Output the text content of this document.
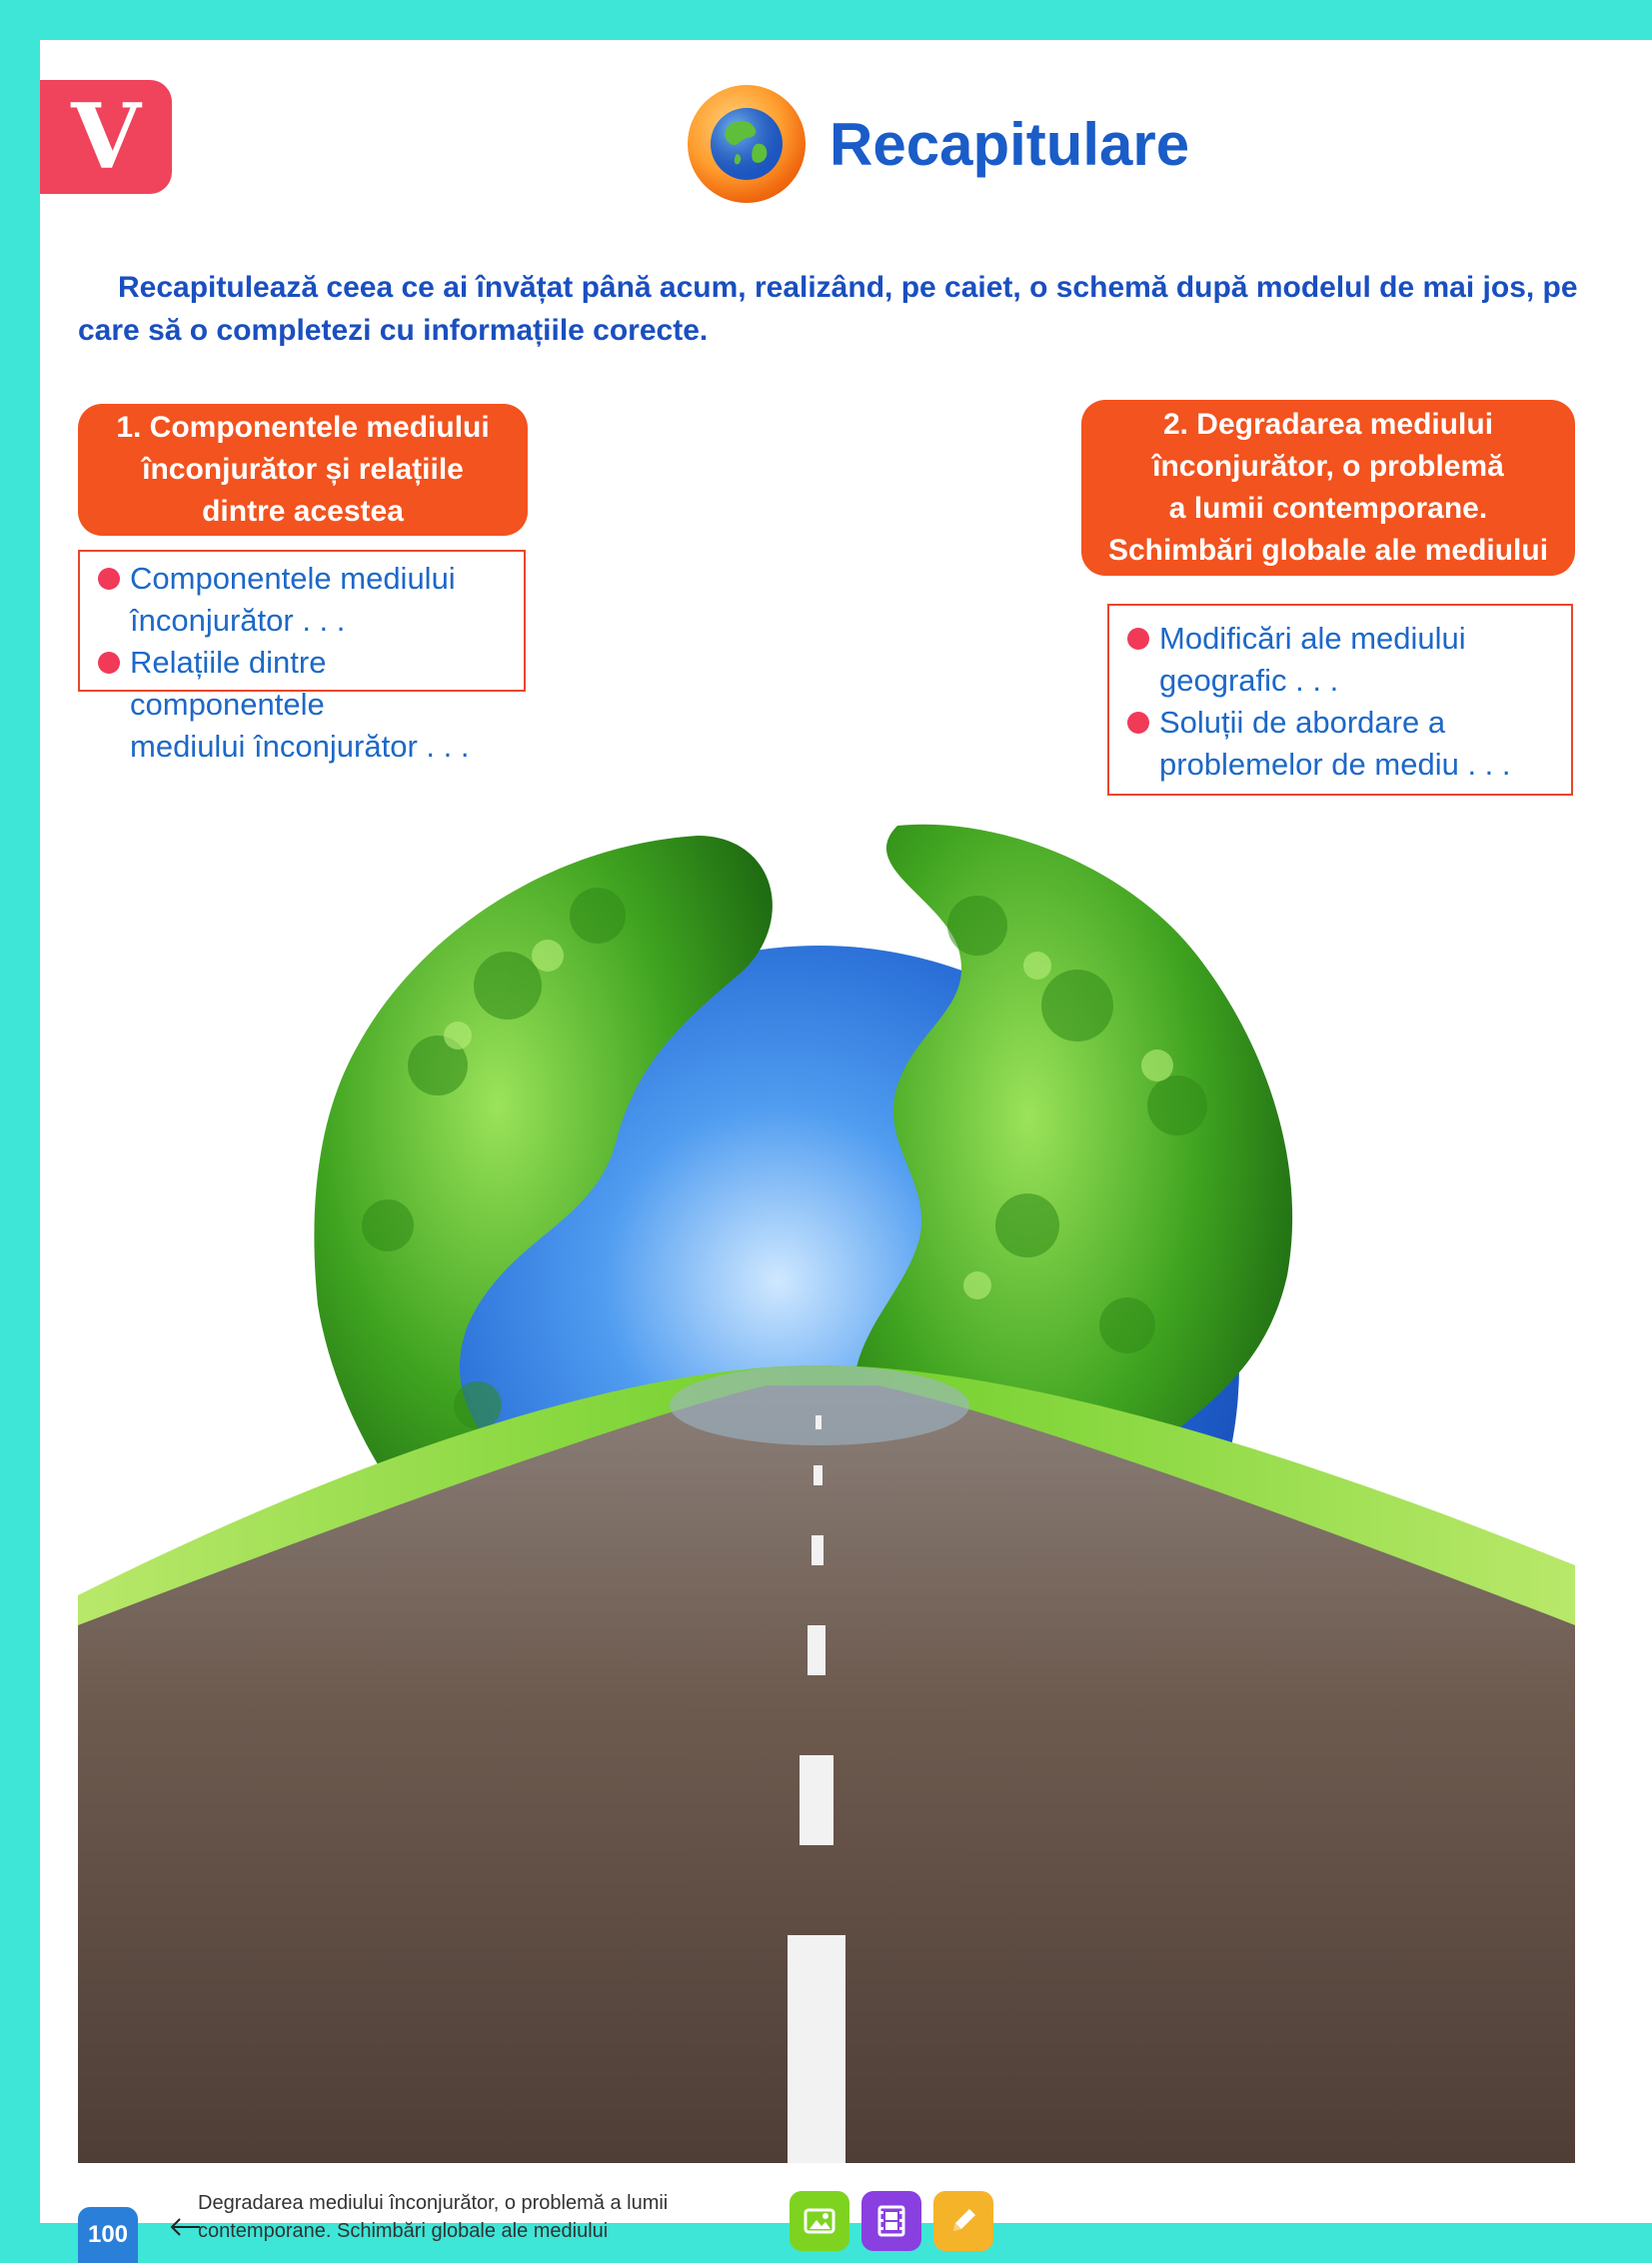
V	Recapitulare
Recapitulează ceea ce ai învățat până acum, realizând, pe caiet, o schemă după modelul de mai jos, pe care să o completezi cu informațiile corecte.
1. Componentele mediului
înconjurător și relațiile
dintre acestea
Componentele mediului
înconjurător . . .
Relațiile dintre componentele
mediului înconjurător . . .
2. Degradarea mediului
înconjurător, o problemă
a lumii contemporane.
Schimbări globale ale mediului
Modificări ale mediului
geografic . . .
Soluții de abordare a
problemelor de mediu . . .
100
Degradarea mediului înconjurător, o problemă a lumii
contemporane. Schimbări globale ale mediului
